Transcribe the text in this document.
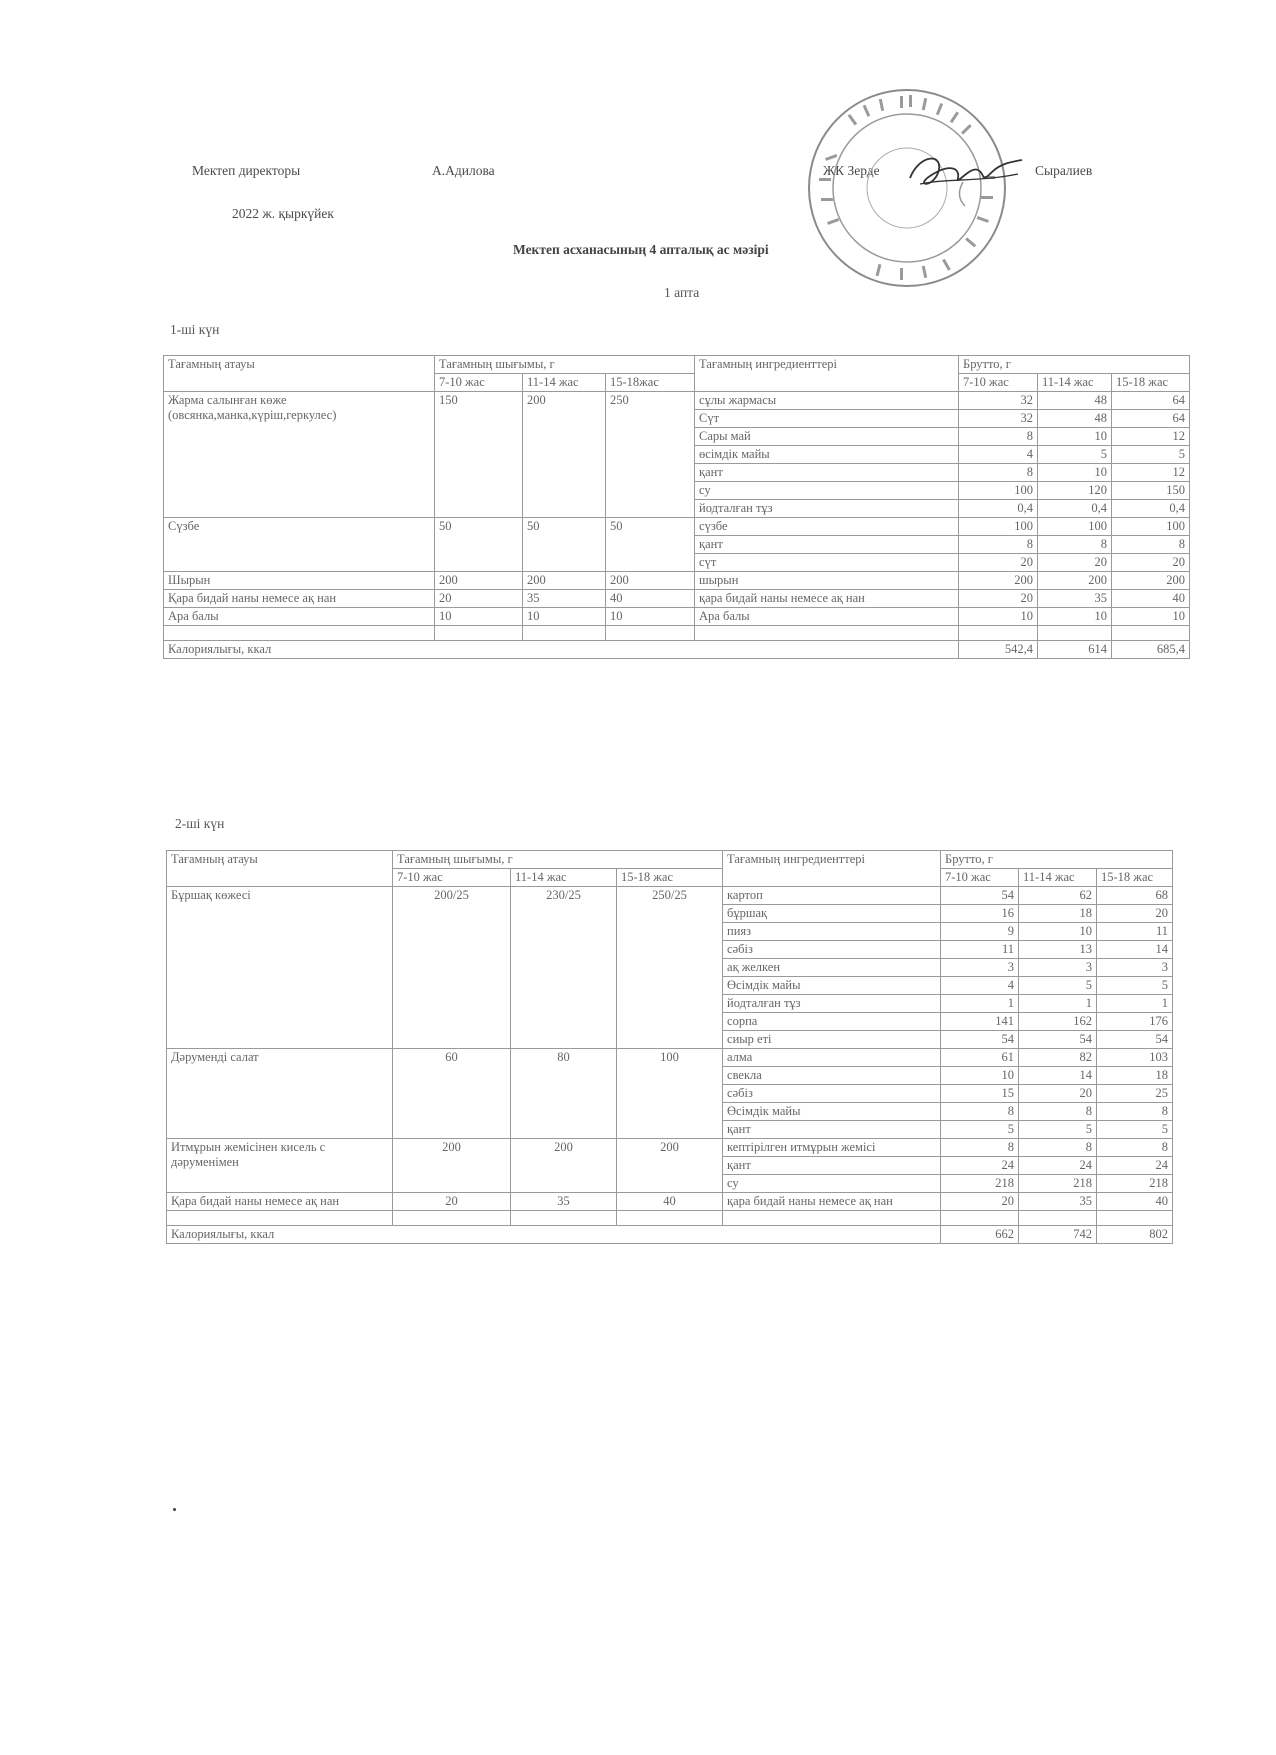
Мектеп директоры	А.Адилова
2022 ж. қыркүйек
ЖК Зерде	Сыралиев
Мектеп асханасының 4 апталық ас мәзірі
1 апта
1-ші күн
Тағамның атауы	Тағамның шығымы, г			Тағамның ингредиенттері	Брутто, г		
	7-10 жас	11-14 жас	15-18жас		7-10 жас	11-14 жас	15-18 жас
Жарма салынған көже (овсянка,манка,күріш,геркулес)	150	200	250	сұлы жармасы	32	48	64
				Сүт	32	48	64
				Сары май	8	10	12
				өсімдік майы	4	5	5
				қант	8	10	12
				су	100	120	150
				йодталған тұз	0,4	0,4	0,4
Сүзбе	50	50	50	сүзбе	100	100	100
				қант	8	8	8
				сүт	20	20	20
Шырын	200	200	200	шырын	200	200	200
Қара бидай наны немесе ақ нан	20	35	40	қара бидай наны немесе ақ нан	20	35	40
Ара балы	10	10	10	Ара балы	10	10	10

Калориялығы, ккал					542,4	614	685,4
2-ші күн
Тағамның атауы	Тағамның шығымы, г			Тағамның ингредиенттері	Брутто, г		
	7-10 жас	11-14 жас	15-18 жас		7-10 жас	11-14 жас	15-18 жас
Бұршақ көжесі	200/25	230/25	250/25	картоп	54	62	68
				бұршақ	16	18	20
				пияз	9	10	11
				сәбіз	11	13	14
				ақ желкен	3	3	3
				Өсімдік майы	4	5	5
				йодталған тұз	1	1	1
				сорпа	141	162	176
				сиыр еті	54	54	54
Дәрумендi салат	60	80	100	алма	61	82	103
				свекла	10	14	18
				сәбіз	15	20	25
				Өсімдік майы	8	8	8
				қант	5	5	5
Итмұрын жемісінен кисель с дәруменімен	200	200	200	кептірілген итмұрын жемісі	8	8	8
				қант	24	24	24
				су	218	218	218
Қара бидай наны немесе ақ нан	20	35	40	қара бидай наны немесе ақ нан	20	35	40

Калориялығы, ккал					662	742	802
